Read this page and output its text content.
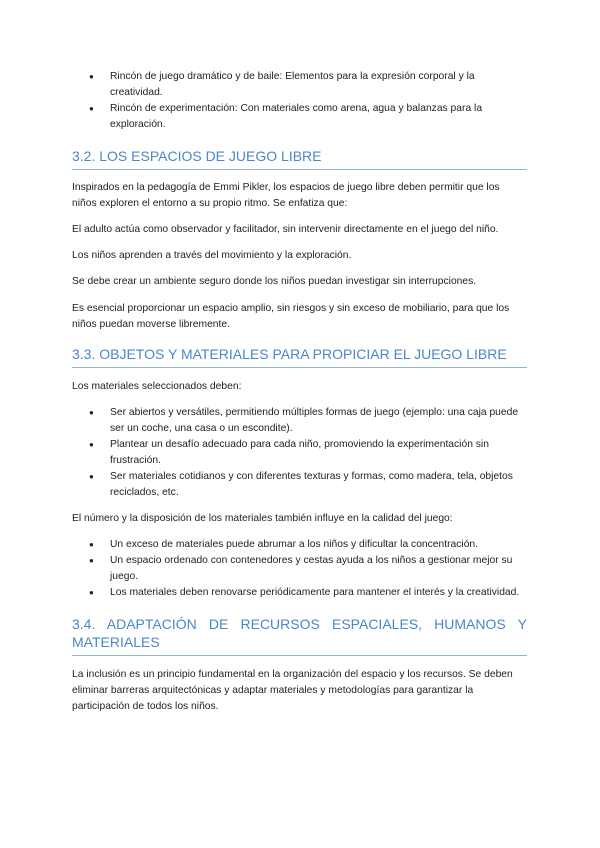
● Rincón de juego dramático y de baile: Elementos para la expresión corporal y la creatividad.
● Rincón de experimentación: Con materiales como arena, agua y balanzas para la exploración.
3.2. LOS ESPACIOS DE JUEGO LIBRE

Inspirados en la pedagogía de Emmi Pikler, los espacios de juego libre deben permitir que los niños exploren el entorno a su propio ritmo. Se enfatiza que:

El adulto actúa como observador y facilitador, sin intervenir directamente en el juego del niño.

Los niños aprenden a través del movimiento y la exploración.

Se debe crear un ambiente seguro donde los niños puedan investigar sin interrupciones.

Es esencial proporcionar un espacio amplio, sin riesgos y sin exceso de mobiliario, para que los niños puedan moverse libremente.

3.3. OBJETOS Y MATERIALES PARA PROPICIAR EL JUEGO LIBRE

Los materiales seleccionados deben:

● Ser abiertos y versátiles, permitiendo múltiples formas de juego (ejemplo: una caja puede ser un coche, una casa o un escondite).
● Plantear un desafío adecuado para cada niño, promoviendo la experimentación sin frustración.
● Ser materiales cotidianos y con diferentes texturas y formas, como madera, tela, objetos reciclados, etc.

El número y la disposición de los materiales también influye en la calidad del juego:

● Un exceso de materiales puede abrumar a los niños y dificultar la concentración.
● Un espacio ordenado con contenedores y cestas ayuda a los niños a gestionar mejor su juego.
● Los materiales deben renovarse periódicamente para mantener el interés y la creatividad.
3.4. ADAPTACIÓN DE RECURSOS ESPACIALES, HUMANOS Y MATERIALES

La inclusión es un principio fundamental en la organización del espacio y los recursos. Se deben eliminar barreras arquitectónicas y adaptar materiales y metodologías para garantizar la participación de todos los niños.
